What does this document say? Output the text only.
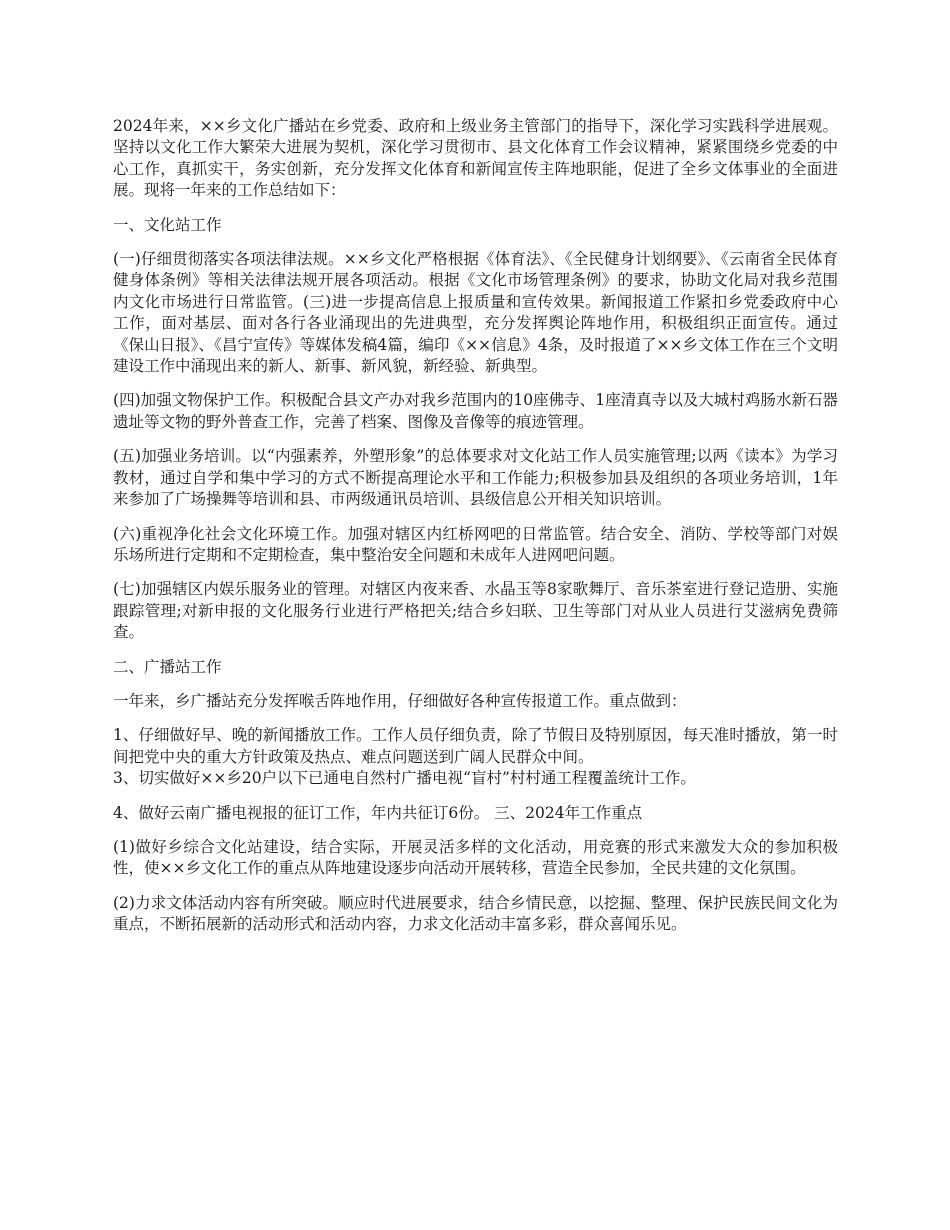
2024年来，××乡文化广播站在乡党委、政府和上级业务主管部门的指导下，深化学习实践科学进展观。坚持以文化工作大繁荣大进展为契机，深化学习贯彻市、县文化体育工作会议精神，紧紧围绕乡党委的中心工作，真抓实干，务实创新，充分发挥文化体育和新闻宣传主阵地职能，促进了全乡文体事业的全面进展。现将一年来的工作总结如下：

一、文化站工作

(一)仔细贯彻落实各项法律法规。××乡文化严格根据《体育法》、《全民健身计划纲要》、《云南省全民体育健身体条例》等相关法律法规开展各项活动。根据《文化市场管理条例》的要求，协助文化局对我乡范围内文化市场进行日常监管。(三)进一步提高信息上报质量和宣传效果。新闻报道工作紧扣乡党委政府中心工作，面对基层、面对各行各业涌现出的先进典型，充分发挥舆论阵地作用，积极组织正面宣传。通过《保山日报》、《昌宁宣传》等媒体发稿4篇，编印《××信息》4条，及时报道了××乡文体工作在三个文明建设工作中涌现出来的新人、新事、新风貌，新经验、新典型。

(四)加强文物保护工作。积极配合县文产办对我乡范围内的10座佛寺、1座清真寺以及大城村鸡肠水新石器遗址等文物的野外普查工作，完善了档案、图像及音像等的痕迹管理。

(五)加强业务培训。以“内强素养，外塑形象”的总体要求对文化站工作人员实施管理;以两《读本》为学习教材，通过自学和集中学习的方式不断提高理论水平和工作能力;积极参加县及组织的各项业务培训，1年来参加了广场操舞等培训和县、市两级通讯员培训、县级信息公开相关知识培训。

(六)重视净化社会文化环境工作。加强对辖区内红桥网吧的日常监管。结合安全、消防、学校等部门对娱乐场所进行定期和不定期检查，集中整治安全问题和未成年人进网吧问题。

(七)加强辖区内娱乐服务业的管理。对辖区内夜来香、水晶玉等8家歌舞厅、音乐茶室进行登记造册、实施跟踪管理;对新申报的文化服务行业进行严格把关;结合乡妇联、卫生等部门对从业人员进行艾滋病免费筛查。

二、广播站工作

一年来，乡广播站充分发挥喉舌阵地作用，仔细做好各种宣传报道工作。重点做到：

1、仔细做好早、晚的新闻播放工作。工作人员仔细负责，除了节假日及特别原因，每天准时播放，第一时间把党中央的重大方针政策及热点、难点问题送到广阔人民群众中间。

3、切实做好××乡20户以下已通电自然村广播电视“盲村”村村通工程覆盖统计工作。

4、做好云南广播电视报的征订工作，年内共征订6份。 三、2024年工作重点

(1)做好乡综合文化站建设，结合实际，开展灵活多样的文化活动，用竞赛的形式来激发大众的参加积极性，使××乡文化工作的重点从阵地建设逐步向活动开展转移，营造全民参加，全民共建的文化氛围。

(2)力求文体活动内容有所突破。顺应时代进展要求，结合乡情民意，以挖掘、整理、保护民族民间文化为重点，不断拓展新的活动形式和活动内容，力求文化活动丰富多彩，群众喜闻乐见。
